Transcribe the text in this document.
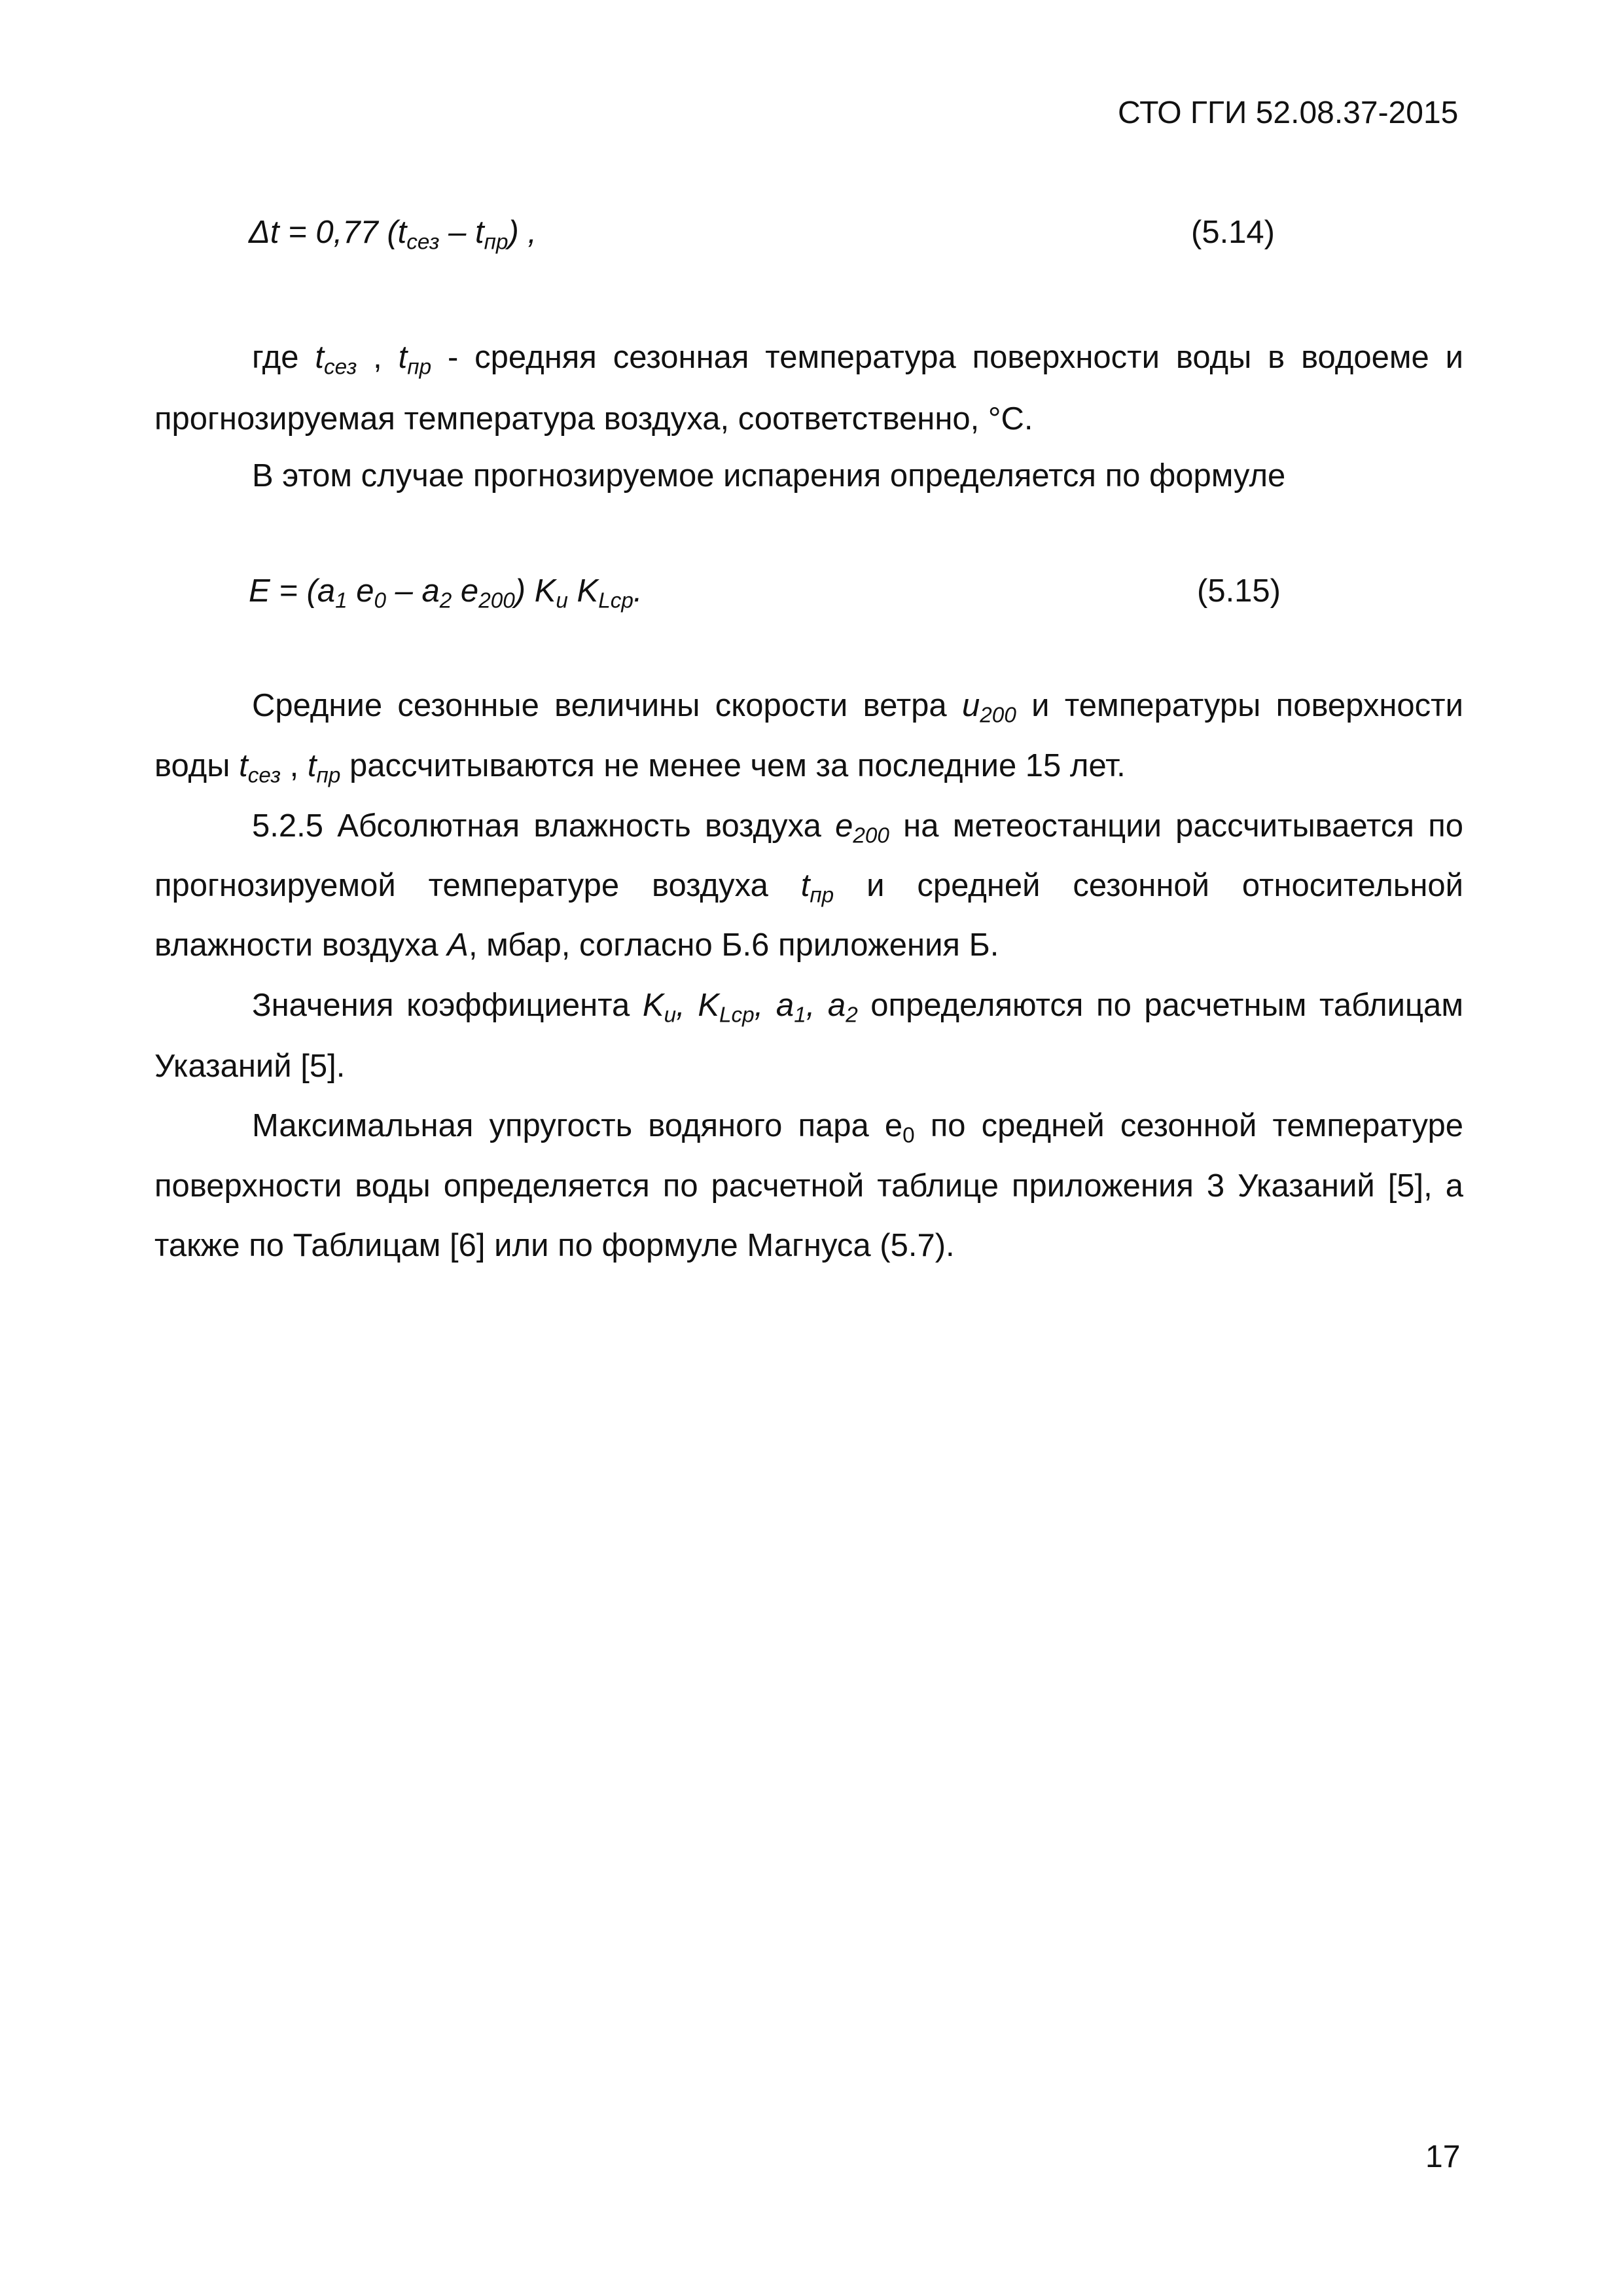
СТО ГГИ 52.08.37-2015
Δt = 0,77 $(t_{сез} - t_{пр})$ ,	(5.14)
где $t_{сез}$ , $t_{пр}$ - средняя сезонная температура поверхности воды в водоеме и
прогнозируемая температура воздуха, соответственно, °С.
В этом случае прогнозируемое испарения определяется по формуле
$E = (a_1$ $e_0 - a_2$ $e_{200}$) $K_u$ $K_{Lcp}$.	(5.15)
Средние сезонные величины скорости ветра $u_{200}$ и температуры поверхности
воды $t_{сез}$ , $t_{пр}$ рассчитываются не менее чем за последние 15 лет.
5.2.5 Абсолютная влажность воздуха $e_{200}$ на метеостанции рассчитывается по
прогнозируемой температуре воздуха $t_{пр}$ и средней сезонной относительной
влажности воздуха А, мбар, согласно Б.6 приложения Б.
Значения коэффициента $K_u$, $K_{Lcp}$, $a_1$, $a_2$ определяются по расчетным таблицам
Указаний [5].
Максимальная упругость водяного пара $e_0$ по средней сезонной температуре
поверхности воды определяется по расчетной таблице приложения 3 Указаний [5], а
также по Таблицам [6] или по формуле Магнуса (5.7).
17
